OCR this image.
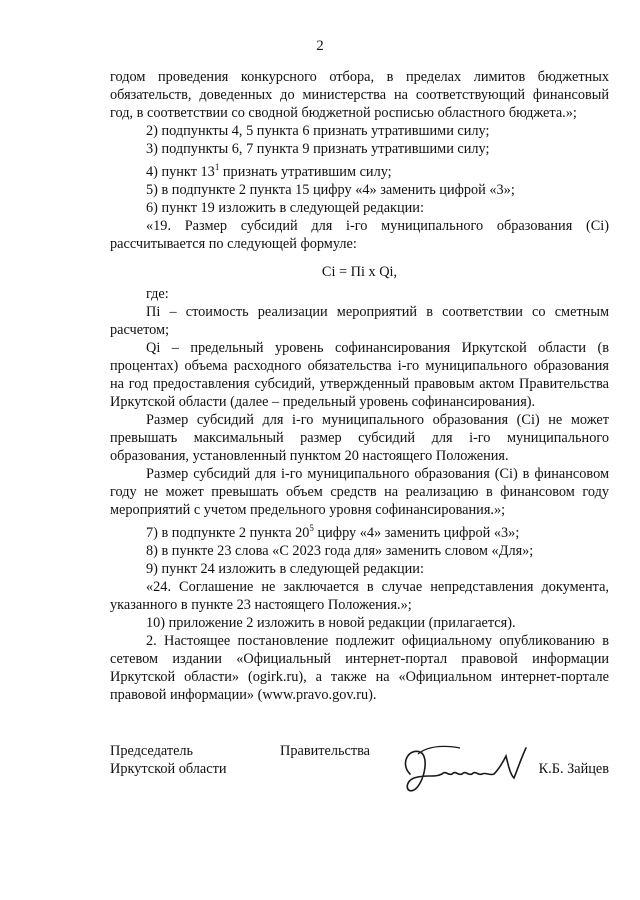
2

годом проведения конкурсного отбора, в пределах лимитов бюджетных обязательств, доведенных до министерства на соответствующий финансовый год, в соответствии со сводной бюджетной росписью областного бюджета.»;

2) подпункты 4, 5 пункта 6 признать утратившими силу;

3) подпункты 6, 7 пункта 9 признать утратившими силу;

4) пункт $13^1$ признать утратившим силу;

5) в подпункте 2 пункта 15 цифру «4» заменить цифрой «3»;

6) пункт 19 изложить в следующей редакции:

«19. Размер субсидий для i-го муниципального образования (Сi) рассчитывается по следующей формуле:

Сi = Пi x Qi,

где:

Пi – стоимость реализации мероприятий в соответствии со сметным расчетом;

Qi – предельный уровень софинансирования Иркутской области (в процентах) объема расходного обязательства i-го муниципального образования на год предоставления субсидий, утвержденный правовым актом Правительства Иркутской области (далее – предельный уровень софинансирования).

Размер субсидий для i-го муниципального образования (Сi) не может превышать максимальный размер субсидий для i-го муниципального образования, установленный пунктом 20 настоящего Положения.

Размер субсидий для i-го муниципального образования (Сi) в финансовом году не может превышать объем средств на реализацию в финансовом году мероприятий с учетом предельного уровня софинансирования.»;

7) в подпункте 2 пункта $20^5$ цифру «4» заменить цифрой «3»;

8) в пункте 23 слова «С 2023 года для» заменить словом «Для»;

9) пункт 24 изложить в следующей редакции:

«24. Соглашение не заключается в случае непредставления документа, указанного в пункте 23 настоящего Положения.»;

10) приложение 2 изложить в новой редакции (прилагается).

2. Настоящее постановление подлежит официальному опубликованию в сетевом издании «Официальный интернет-портал правовой информации Иркутской области» (ogirk.ru), а также на «Официальном интернет-портале правовой информации» (www.pravo.gov.ru).

Председатель	Правительства
Иркутской области	К.Б. Зайцев
